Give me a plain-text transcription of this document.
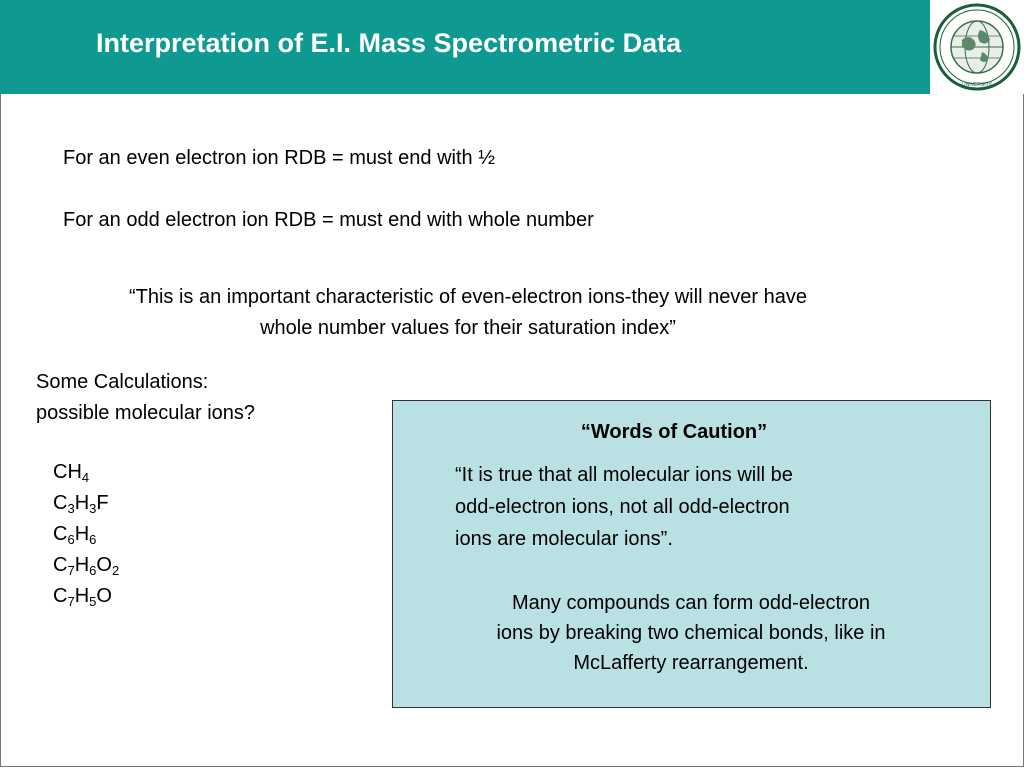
Interpretation of E.I. Mass Spectrometric Data
UNIVERSITY
For an even electron ion RDB = must end with ½
For an odd electron ion RDB = must end with whole number
“This is an important characteristic of even-electron ions-they will never have
whole number values for their saturation index”
Some Calculations:
possible molecular ions?
$CH_4$
$C_3H_3F$
$C_6H_6$
$C_7H_6O_2$
$C_7H_5O$
“Words of Caution”
“It is true that all molecular ions will be
odd-electron ions, not all odd-electron
ions are molecular ions”.
Many compounds can form odd-electron
ions by breaking two chemical bonds, like in
McLafferty rearrangement.
